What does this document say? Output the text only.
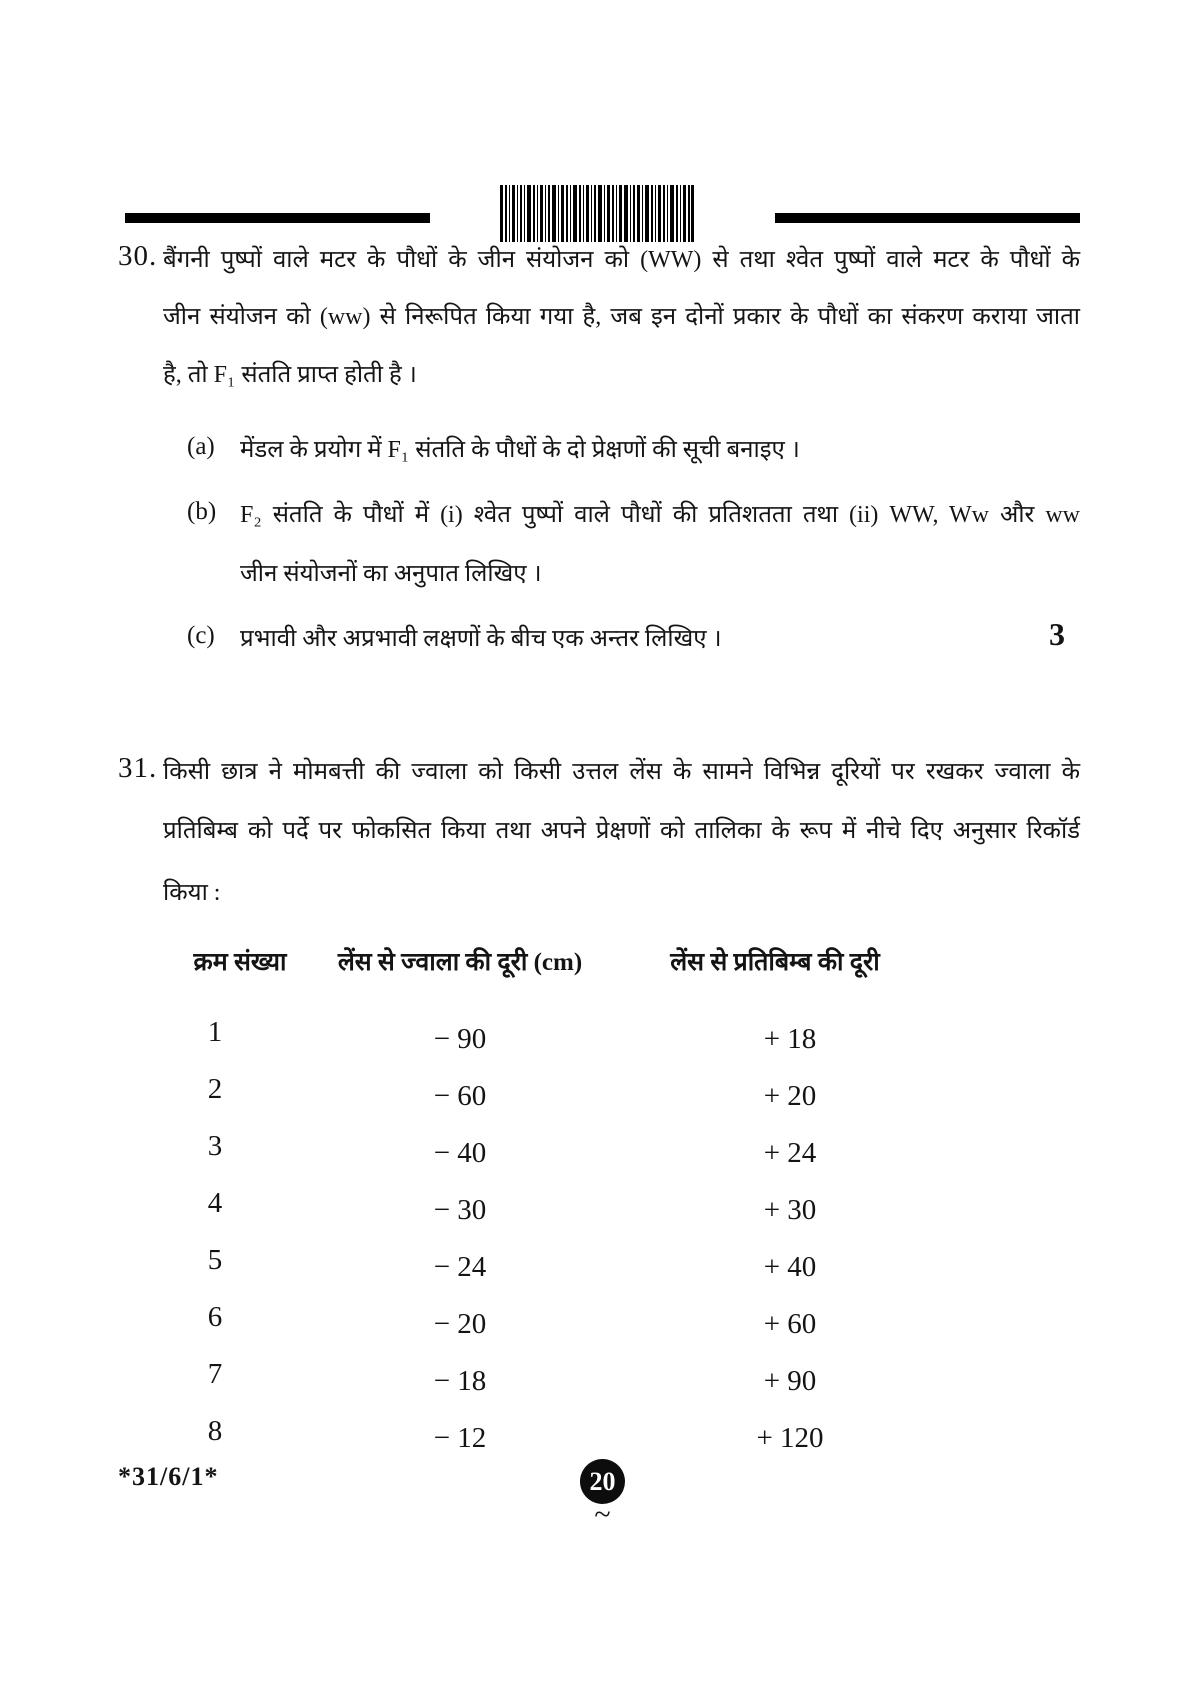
30. बैंगनी पुष्पों वाले मटर के पौधों के जीन संयोजन को (WW) से तथा श्वेत पुष्पों वाले मटर के पौधों के
जीन संयोजन को (ww) से निरूपित किया गया है, जब इन दोनों प्रकार के पौधों का संकरण कराया जाता
है, तो F₁ संतति प्राप्त होती है ।
(a) मेंडल के प्रयोग में F₁ संतति के पौधों के दो प्रेक्षणों की सूची बनाइए ।
(b) F₂ संतति के पौधों में (i) श्वेत पुष्पों वाले पौधों की प्रतिशतता तथा (ii) WW, Ww और ww
जीन संयोजनों का अनुपात लिखिए ।
(c) प्रभावी और अप्रभावी लक्षणों के बीच एक अन्तर लिखिए ।	3
31. किसी छात्र ने मोमबत्ती की ज्वाला को किसी उत्तल लेंस के सामने विभिन्न दूरियों पर रखकर ज्वाला के
प्रतिबिम्ब को पर्दे पर फोकसित किया तथा अपने प्रेक्षणों को तालिका के रूप में नीचे दिए अनुसार रिकॉर्ड
किया :
क्रम संख्या	लेंस से ज्वाला की दूरी (cm)	लेंस से प्रतिबिम्ब की दूरी
1	− 90	+ 18
2	− 60	+ 20
3	− 40	+ 24
4	− 30	+ 30
5	− 24	+ 40
6	− 20	+ 60
7	− 18	+ 90
8	− 12	+ 120
*31/6/1*	20
~
